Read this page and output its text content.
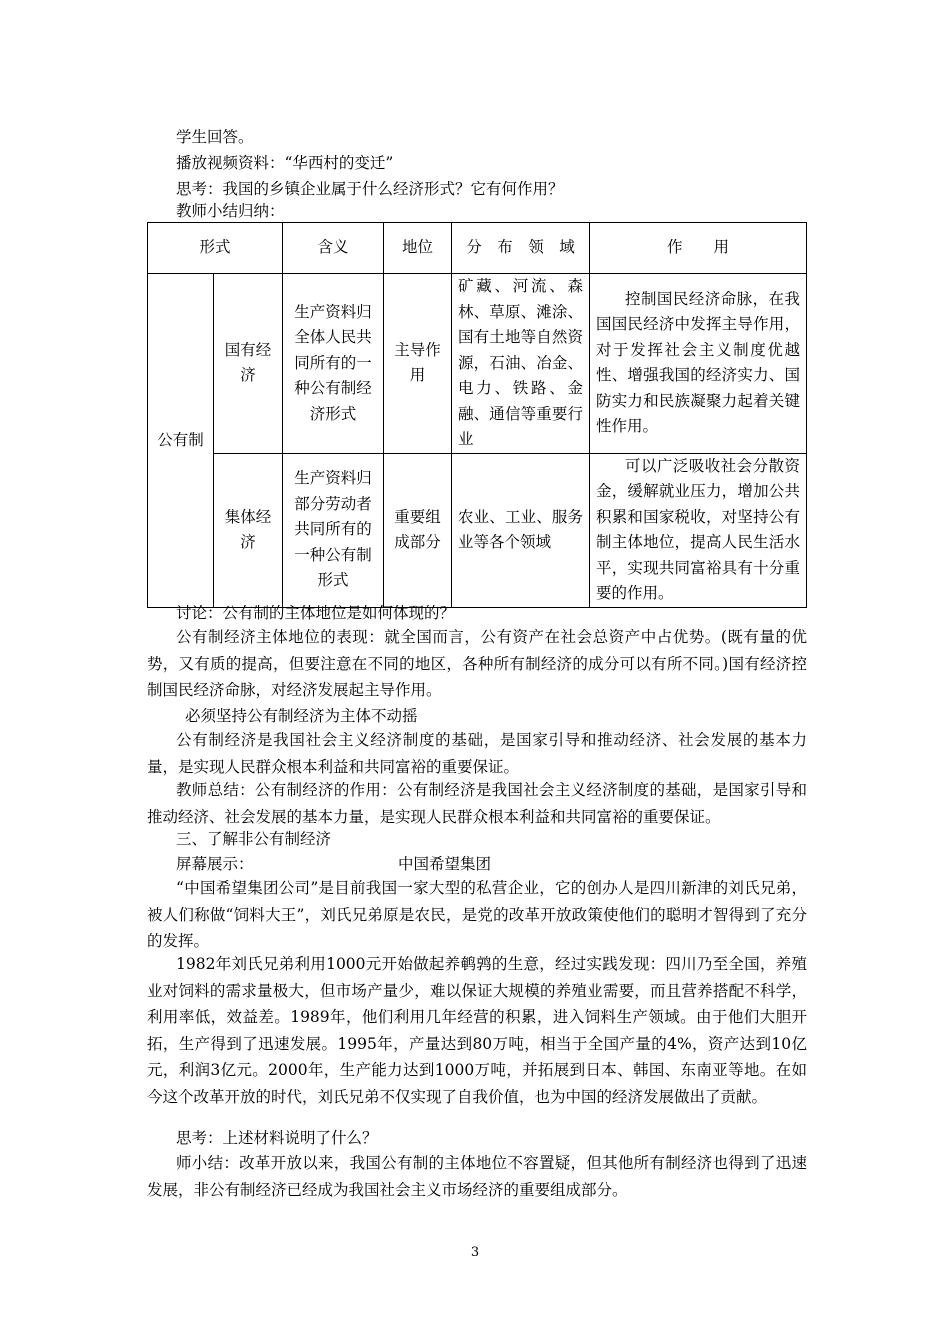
学生回答。
播放视频资料：“华西村的变迁”
思考：我国的乡镇企业属于什么经济形式？它有何作用？
教师小结归纳：
形式		含义	地位	分　布　领　域	作　　用
公有制	国有经济	生产资料归全体人民共同所有的一种公有制经济形式	主导作用	矿藏、河流、森林、草原、滩涂、国有土地等自然资源，石油、冶金、电力、铁路、金融、通信等重要行业	控制国民经济命脉，在我国国民经济中发挥主导作用，对于发挥社会主义制度优越性、增强我国的经济实力、国防实力和民族凝聚力起着关键性作用。
	集体经济	生产资料归部分劳动者共同所有的一种公有制形式	重要组成部分	农业、工业、服务业等各个领域	可以广泛吸收社会分散资金，缓解就业压力，增加公共积累和国家税收，对坚持公有制主体地位，提高人民生活水平，实现共同富裕具有十分重要的作用。
讨论：公有制的主体地位是如何体现的？
公有制经济主体地位的表现：就全国而言，公有资产在社会总资产中占优势。(既有量的优势，又有质的提高，但要注意在不同的地区，各种所有制经济的成分可以有所不同。)国有经济控制国民经济命脉，对经济发展起主导作用。
必须坚持公有制经济为主体不动摇
公有制经济是我国社会主义经济制度的基础，是国家引导和推动经济、社会发展的基本力量，是实现人民群众根本利益和共同富裕的重要保证。
教师总结：公有制经济的作用：公有制经济是我国社会主义经济制度的基础，是国家引导和推动经济、社会发展的基本力量，是实现人民群众根本利益和共同富裕的重要保证。
三、了解非公有制经济
屏幕展示：	中国希望集团
“中国希望集团公司”是目前我国一家大型的私营企业，它的创办人是四川新津的刘氏兄弟，被人们称做“饲料大王”，刘氏兄弟原是农民，是党的改革开放政策使他们的聪明才智得到了充分的发挥。
1982年刘氏兄弟利用1000元开始做起养鹌鹑的生意，经过实践发现：四川乃至全国，养殖业对饲料的需求量极大，但市场产量少，难以保证大规模的养殖业需要，而且营养搭配不科学，利用率低，效益差。1989年，他们利用几年经营的积累，进入饲料生产领域。由于他们大胆开拓，生产得到了迅速发展。1995年，产量达到80万吨，相当于全国产量的4%，资产达到10亿元，利润3亿元。2000年，生产能力达到1000万吨，并拓展到日本、韩国、东南亚等地。在如今这个改革开放的时代，刘氏兄弟不仅实现了自我价值，也为中国的经济发展做出了贡献。
思考：上述材料说明了什么？
师小结：改革开放以来，我国公有制的主体地位不容置疑，但其他所有制经济也得到了迅速发展，非公有制经济已经成为我国社会主义市场经济的重要组成部分。
3
